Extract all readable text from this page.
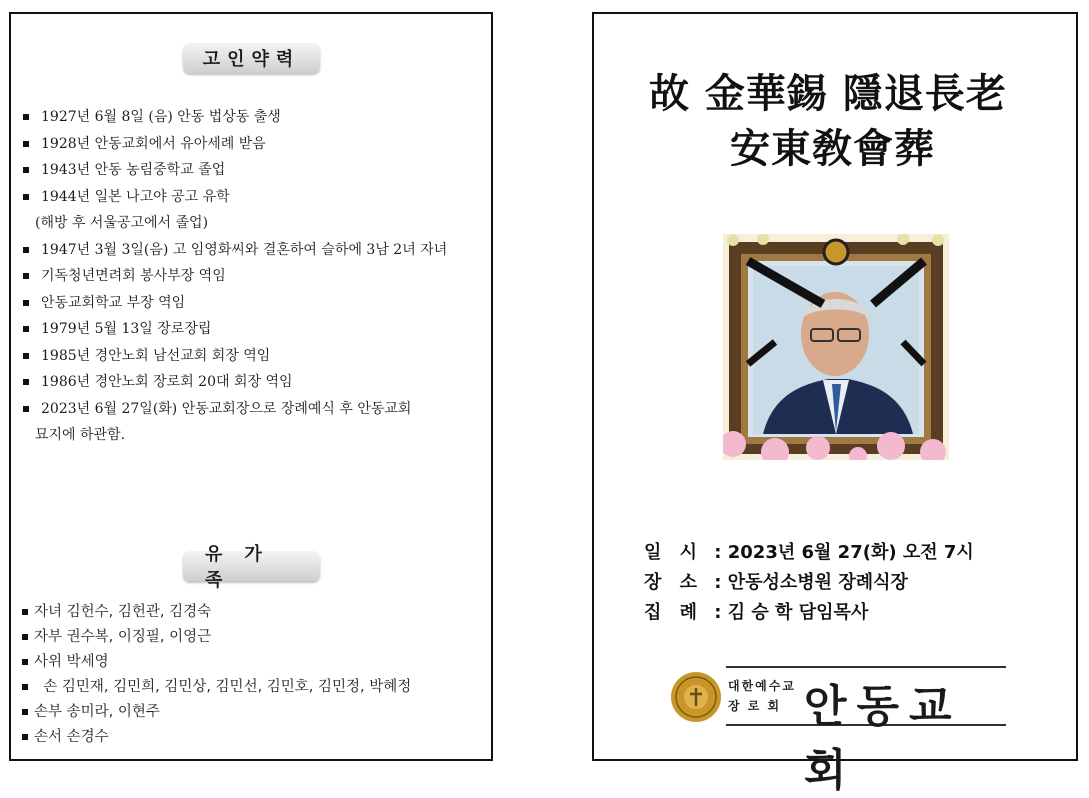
고인약력
1927년 6월 8일 (음) 안동 법상동 출생
1928년 안동교회에서 유아세례 받음
1943년 안동 농림중학교 졸업
1944년 일본 나고야 공고 유학
(해방 후 서울공고에서 졸업)
1947년 3월 3일(음) 고 임영화씨와 결혼하여 슬하에 3남 2녀 자녀
기독청년면려회 봉사부장 역임
안동교회학교 부장 역임
1979년 5월 13일 장로장립
1985년 경안노회 남선교회 회장 역임
1986년 경안노회 장로회 20대 회장 역임
2023년 6월 27일(화) 안동교회장으로 장례예식 후 안동교회
묘지에 하관함.
유가족
자녀 김헌수, 김헌관, 김경숙
자부 권수복, 이징필, 이영근
사위 박세영
손 김민재, 김민희, 김민상, 김민선, 김민호, 김민정, 박혜정
손부 송미라, 이현주
손서 손경수
故 金華錫 隱退長老
安東敎會葬
일 시 : 2023년 6월 27(화) 오전 7시
장 소 : 안동성소병원 장례식장
집 례 : 김 승 학 담임목사
대한예수교
장 로 회 안동교회
